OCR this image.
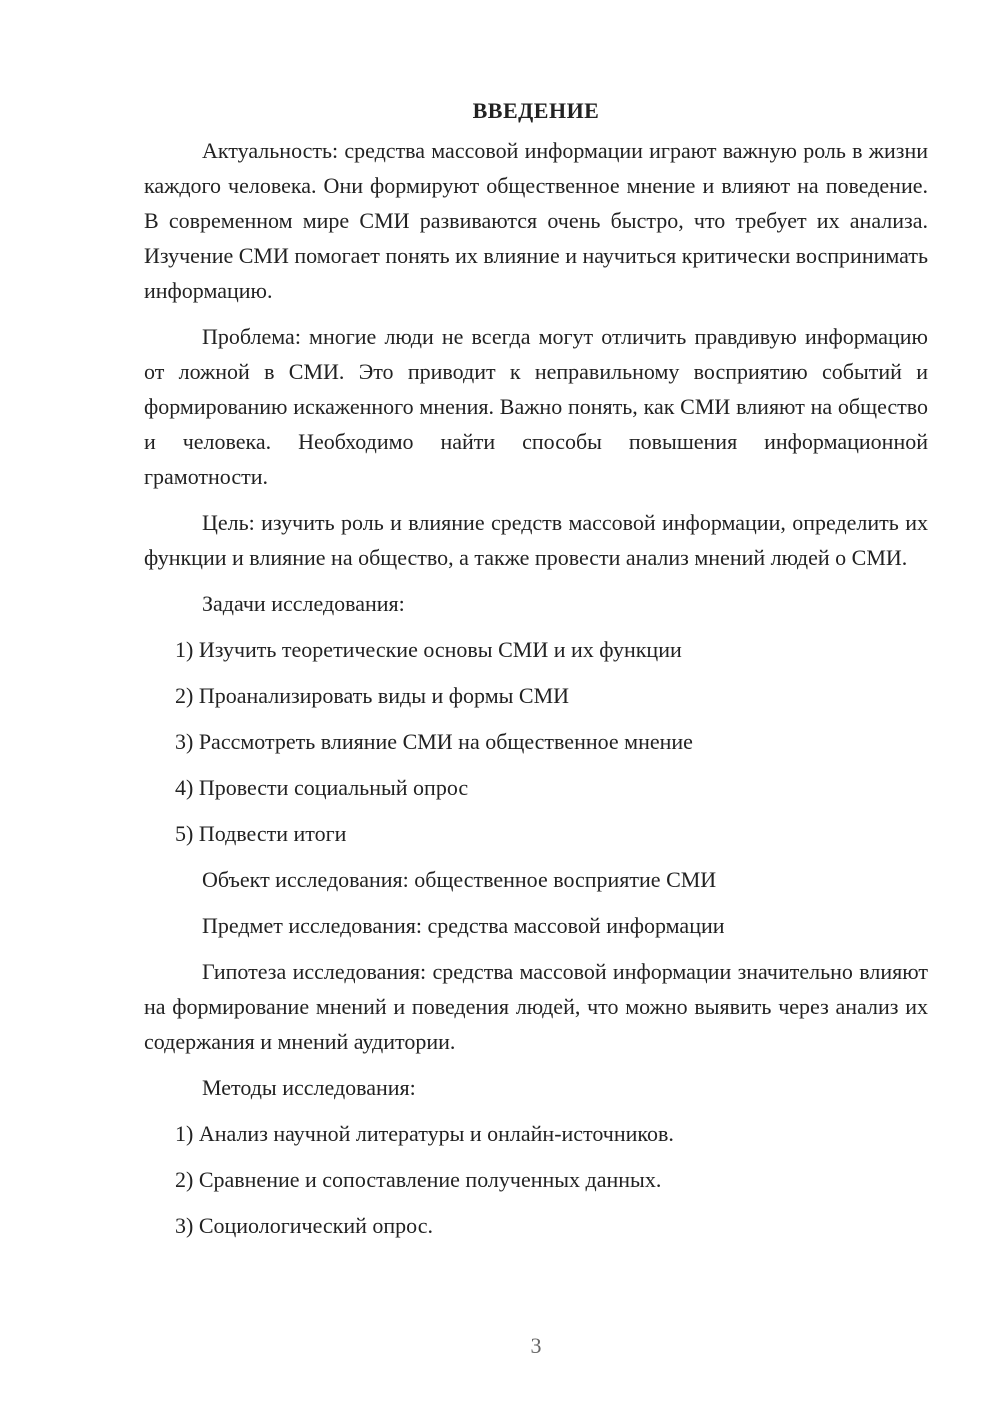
ВВЕДЕНИЕ

Актуальность: средства массовой информации играют важную роль в жизни каждого человека. Они формируют общественное мнение и влияют на поведение. В современном мире СМИ развиваются очень быстро, что требует их анализа. Изучение СМИ помогает понять их влияние и научиться критически воспринимать информацию.

Проблема: многие люди не всегда могут отличить правдивую информацию от ложной в СМИ. Это приводит к неправильному восприятию событий и формированию искаженного мнения. Важно понять, как СМИ влияют на общество и человека. Необходимо найти способы повышения информационной грамотности.

Цель: изучить роль и влияние средств массовой информации, определить их функции и влияние на общество, а также провести анализ мнений людей о СМИ.

Задачи исследования:

1) Изучить теоретические основы СМИ и их функции
2) Проанализировать виды и формы СМИ
3) Рассмотреть влияние СМИ на общественное мнение
4) Провести социальный опрос
5) Подвести итоги

Объект исследования: общественное восприятие СМИ

Предмет исследования: средства массовой информации

Гипотеза исследования: средства массовой информации значительно влияют на формирование мнений и поведения людей, что можно выявить через анализ их содержания и мнений аудитории.

Методы исследования:

1) Анализ научной литературы и онлайн-источников.
2) Сравнение и сопоставление полученных данных.
3) Социологический опрос.
3
